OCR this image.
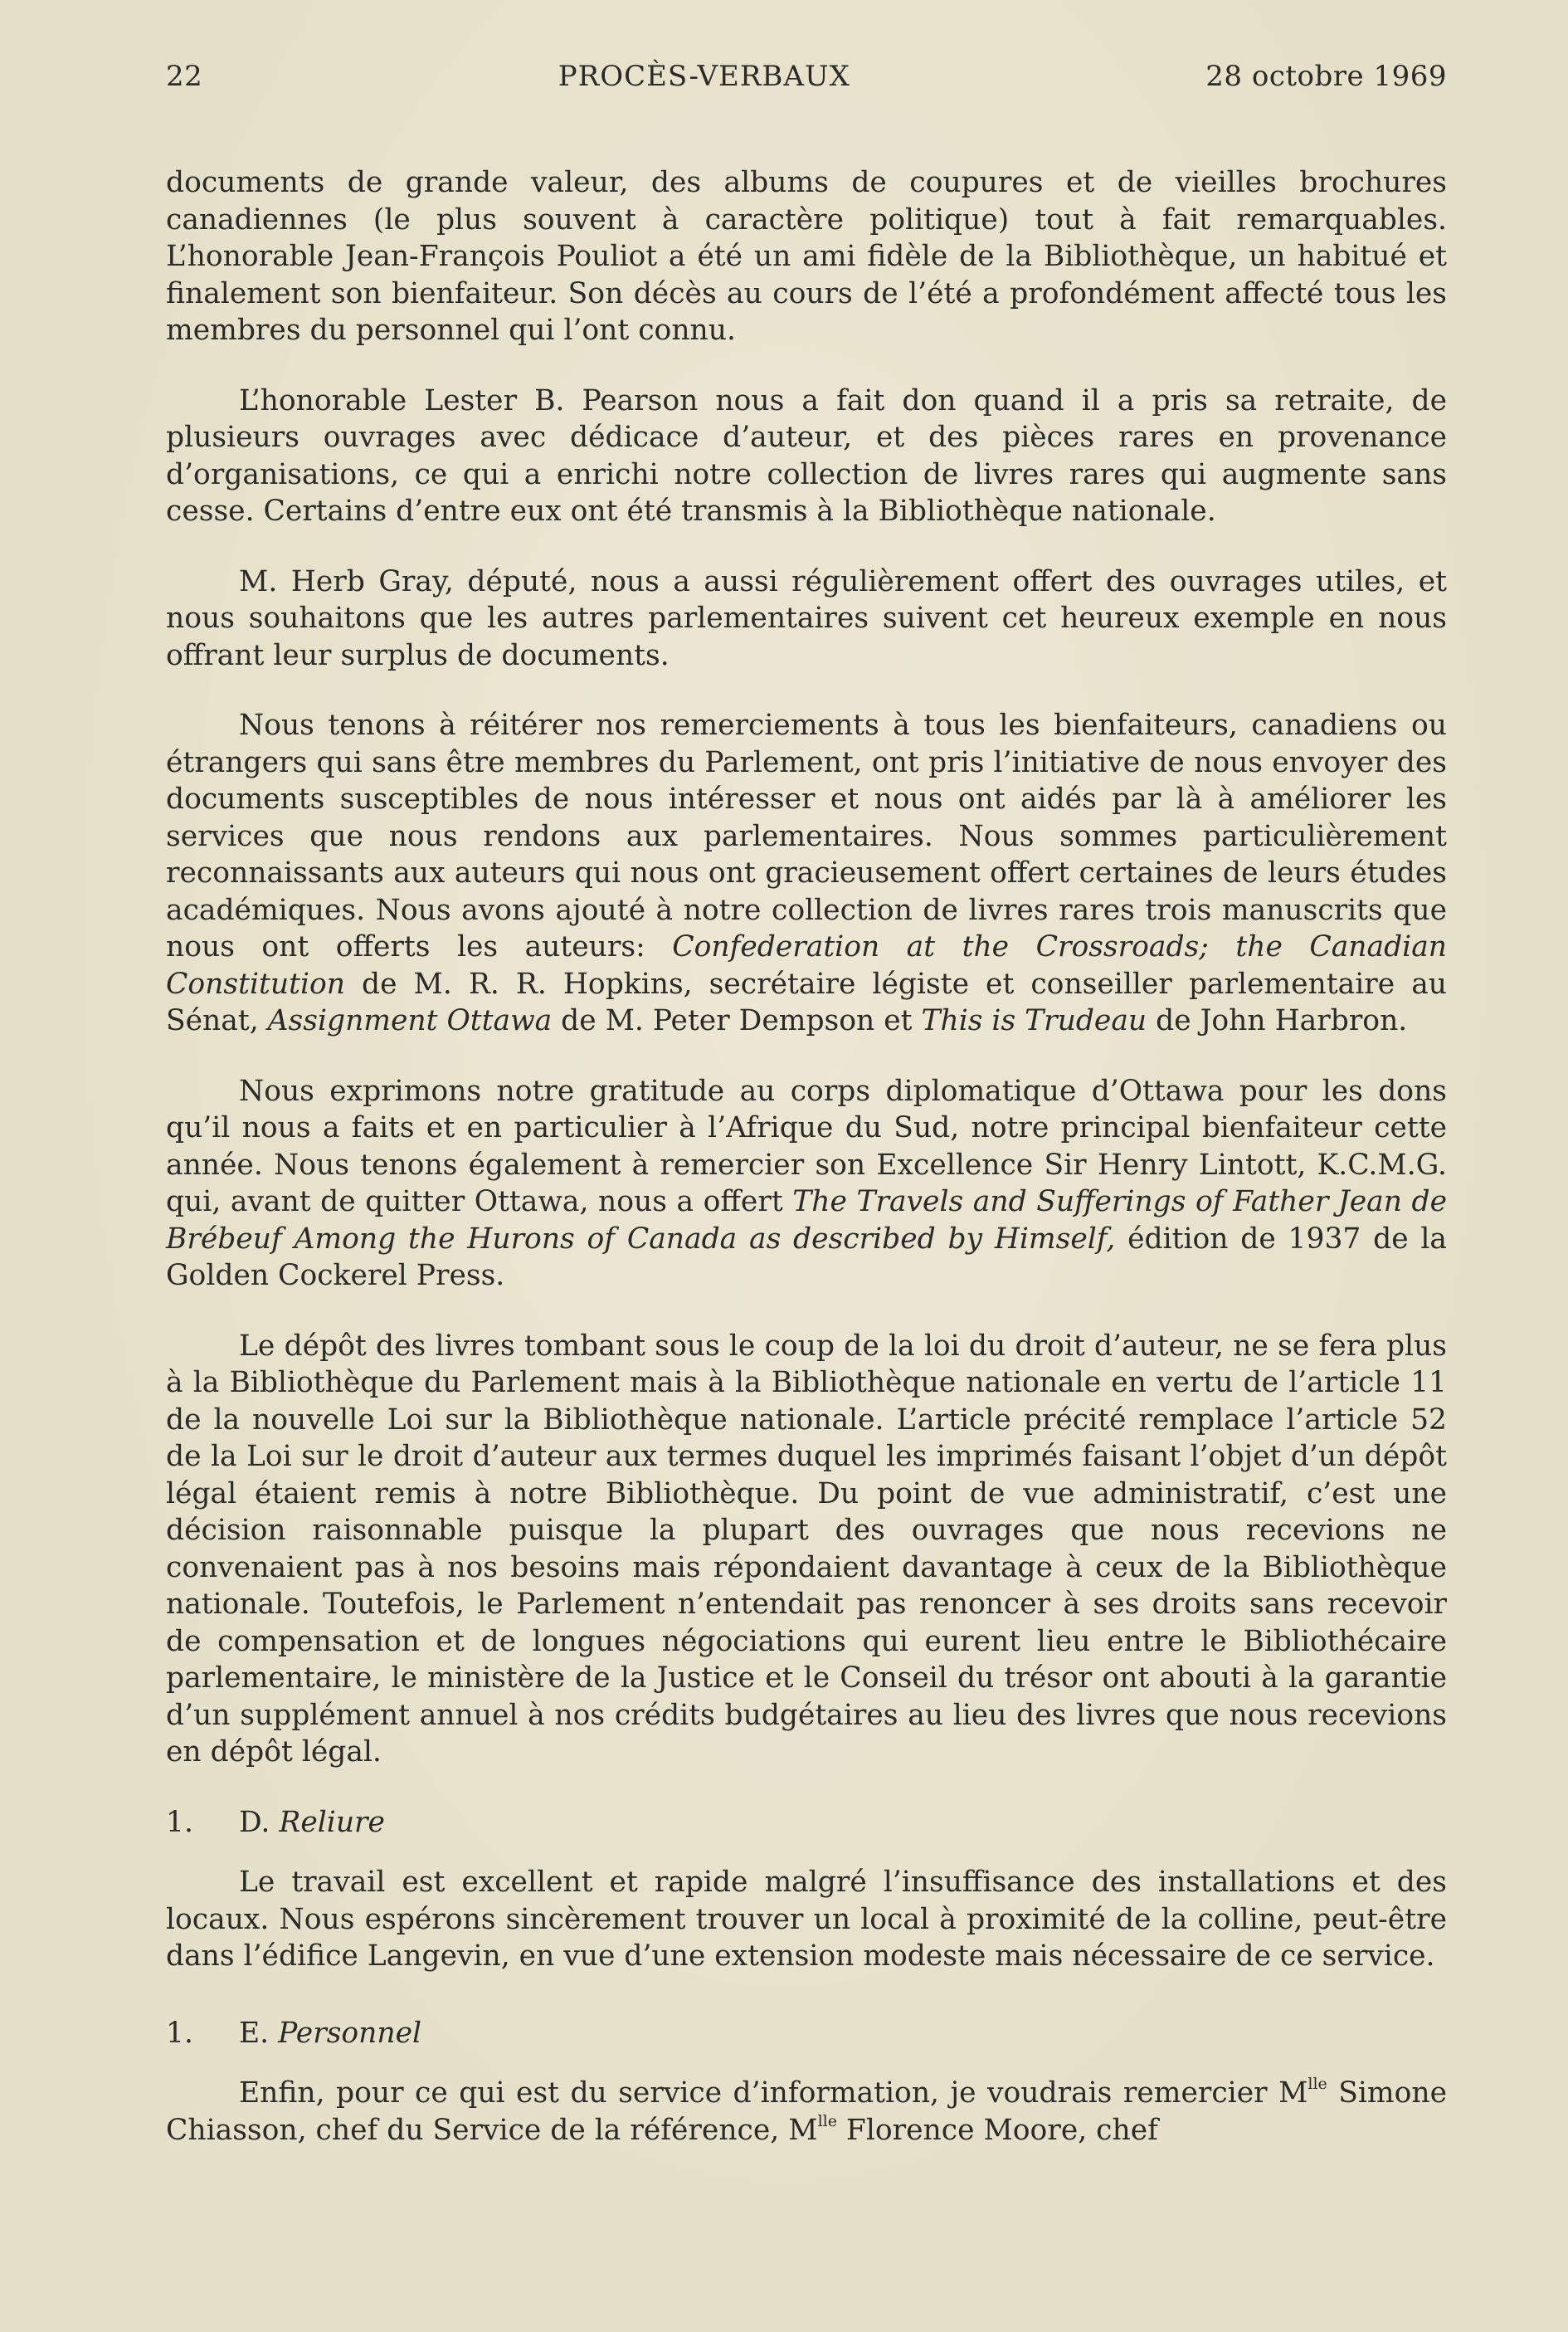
22	PROCÈS-VERBAUX	28 octobre 1969

documents de grande valeur, des albums de coupures et de vieilles brochures canadiennes (le plus souvent à caractère politique) tout à fait remarquables. L’honorable Jean-François Pouliot a été un ami fidèle de la Bibliothèque, un habitué et finalement son bienfaiteur. Son décès au cours de l’été a profondément affecté tous les membres du personnel qui l’ont connu.

L’honorable Lester B. Pearson nous a fait don quand il a pris sa retraite, de plusieurs ouvrages avec dédicace d’auteur, et des pièces rares en provenance d’organisations, ce qui a enrichi notre collection de livres rares qui augmente sans cesse. Certains d’entre eux ont été transmis à la Bibliothèque nationale.

M. Herb Gray, député, nous a aussi régulièrement offert des ouvrages utiles, et nous souhaitons que les autres parlementaires suivent cet heureux exemple en nous offrant leur surplus de documents.

Nous tenons à réitérer nos remerciements à tous les bienfaiteurs, canadiens ou étrangers qui sans être membres du Parlement, ont pris l’initiative de nous envoyer des documents susceptibles de nous intéresser et nous ont aidés par là à améliorer les services que nous rendons aux parlementaires. Nous sommes particulièrement reconnaissants aux auteurs qui nous ont gracieusement offert certaines de leurs études académiques. Nous avons ajouté à notre collection de livres rares trois manuscrits que nous ont offerts les auteurs: Confederation at the Crossroads; the Canadian Constitution de M. R. R. Hopkins, secrétaire légiste et conseiller parlementaire au Sénat, Assignment Ottawa de M. Peter Dempson et This is Trudeau de John Harbron.

Nous exprimons notre gratitude au corps diplomatique d’Ottawa pour les dons qu’il nous a faits et en particulier à l’Afrique du Sud, notre principal bienfaiteur cette année. Nous tenons également à remercier son Excellence Sir Henry Lintott, K.C.M.G. qui, avant de quitter Ottawa, nous a offert The Travels and Sufferings of Father Jean de Brébeuf Among the Hurons of Canada as described by Himself, édition de 1937 de la Golden Cockerel Press.

Le dépôt des livres tombant sous le coup de la loi du droit d’auteur, ne se fera plus à la Bibliothèque du Parlement mais à la Bibliothèque nationale en vertu de l’article 11 de la nouvelle Loi sur la Bibliothèque nationale. L’article précité remplace l’article 52 de la Loi sur le droit d’auteur aux termes duquel les imprimés faisant l’objet d’un dépôt légal étaient remis à notre Bibliothèque. Du point de vue administratif, c’est une décision raisonnable puisque la plupart des ouvrages que nous recevions ne convenaient pas à nos besoins mais répondaient davantage à ceux de la Bibliothèque nationale. Toutefois, le Parlement n’entendait pas renoncer à ses droits sans recevoir de compensation et de longues négociations qui eurent lieu entre le Bibliothécaire parlementaire, le ministère de la Justice et le Conseil du trésor ont abouti à la garantie d’un supplément annuel à nos crédits budgétaires au lieu des livres que nous recevions en dépôt légal.

1. D. Reliure

Le travail est excellent et rapide malgré l’insuffisance des installations et des locaux. Nous espérons sincèrement trouver un local à proximité de la colline, peut-être dans l’édifice Langevin, en vue d’une extension modeste mais nécessaire de ce service.

1. E. Personnel

Enfin, pour ce qui est du service d’information, je voudrais remercier $M^{lle}$ Simone Chiasson, chef du Service de la référence, $M^{lle}$ Florence Moore, chef
